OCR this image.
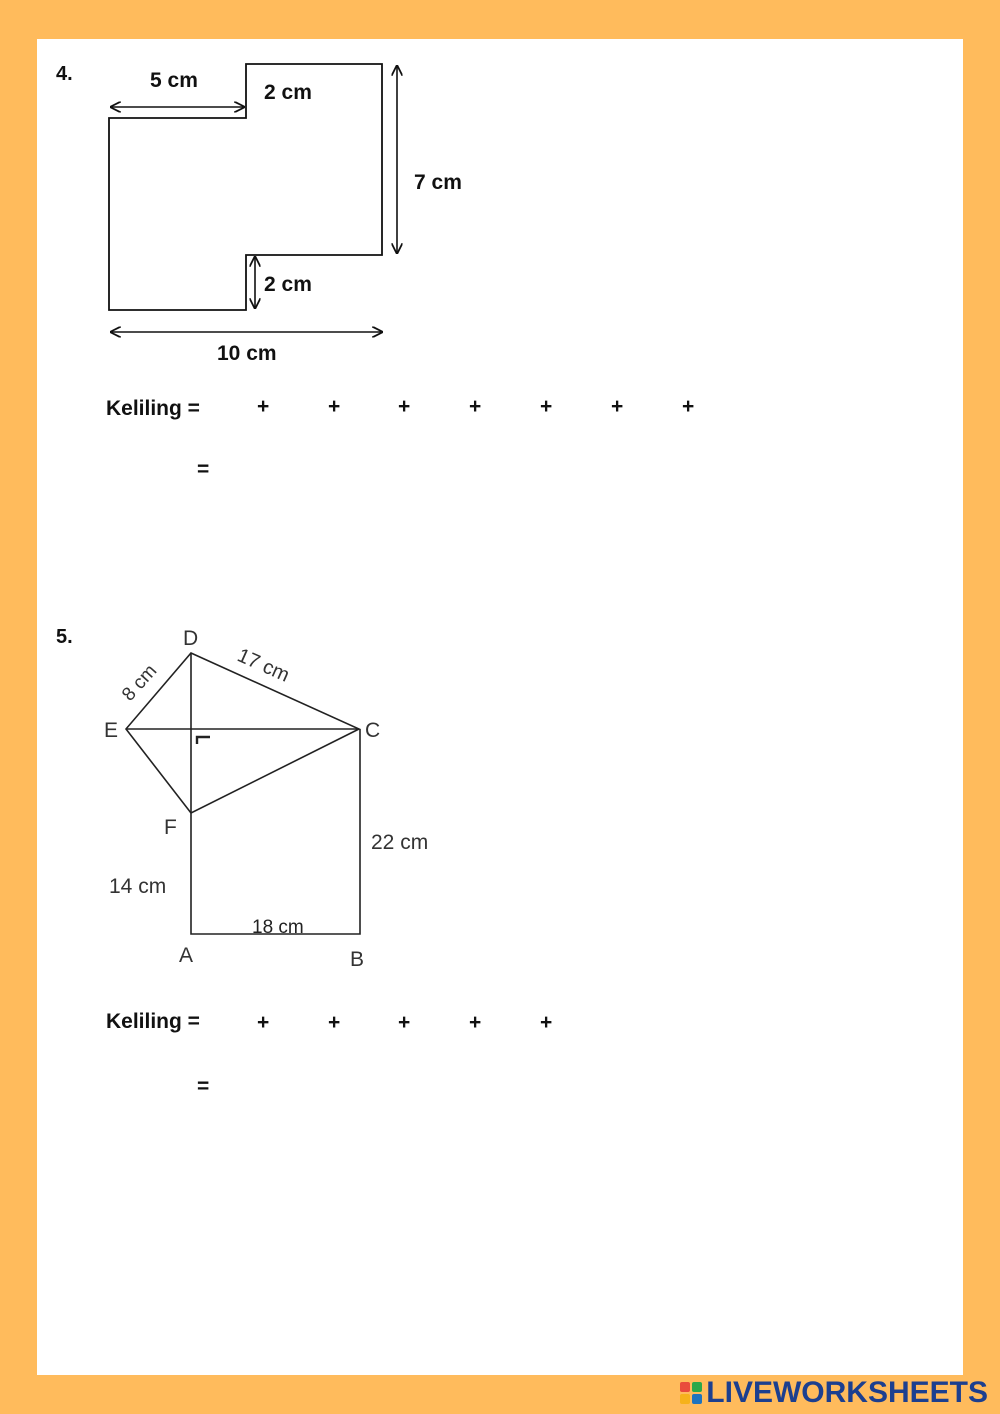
4.	5 cm
2 cm
7 cm
2 cm
10 cm
Keliling =	+	+	+	+	+	+	+
=
5.	D
E	C
F
A	B
8 cm	17 cm
22 cm
14 cm
18 cm
Keliling =	+	+	+	+	+
=
LIVEWORKSHEETS
